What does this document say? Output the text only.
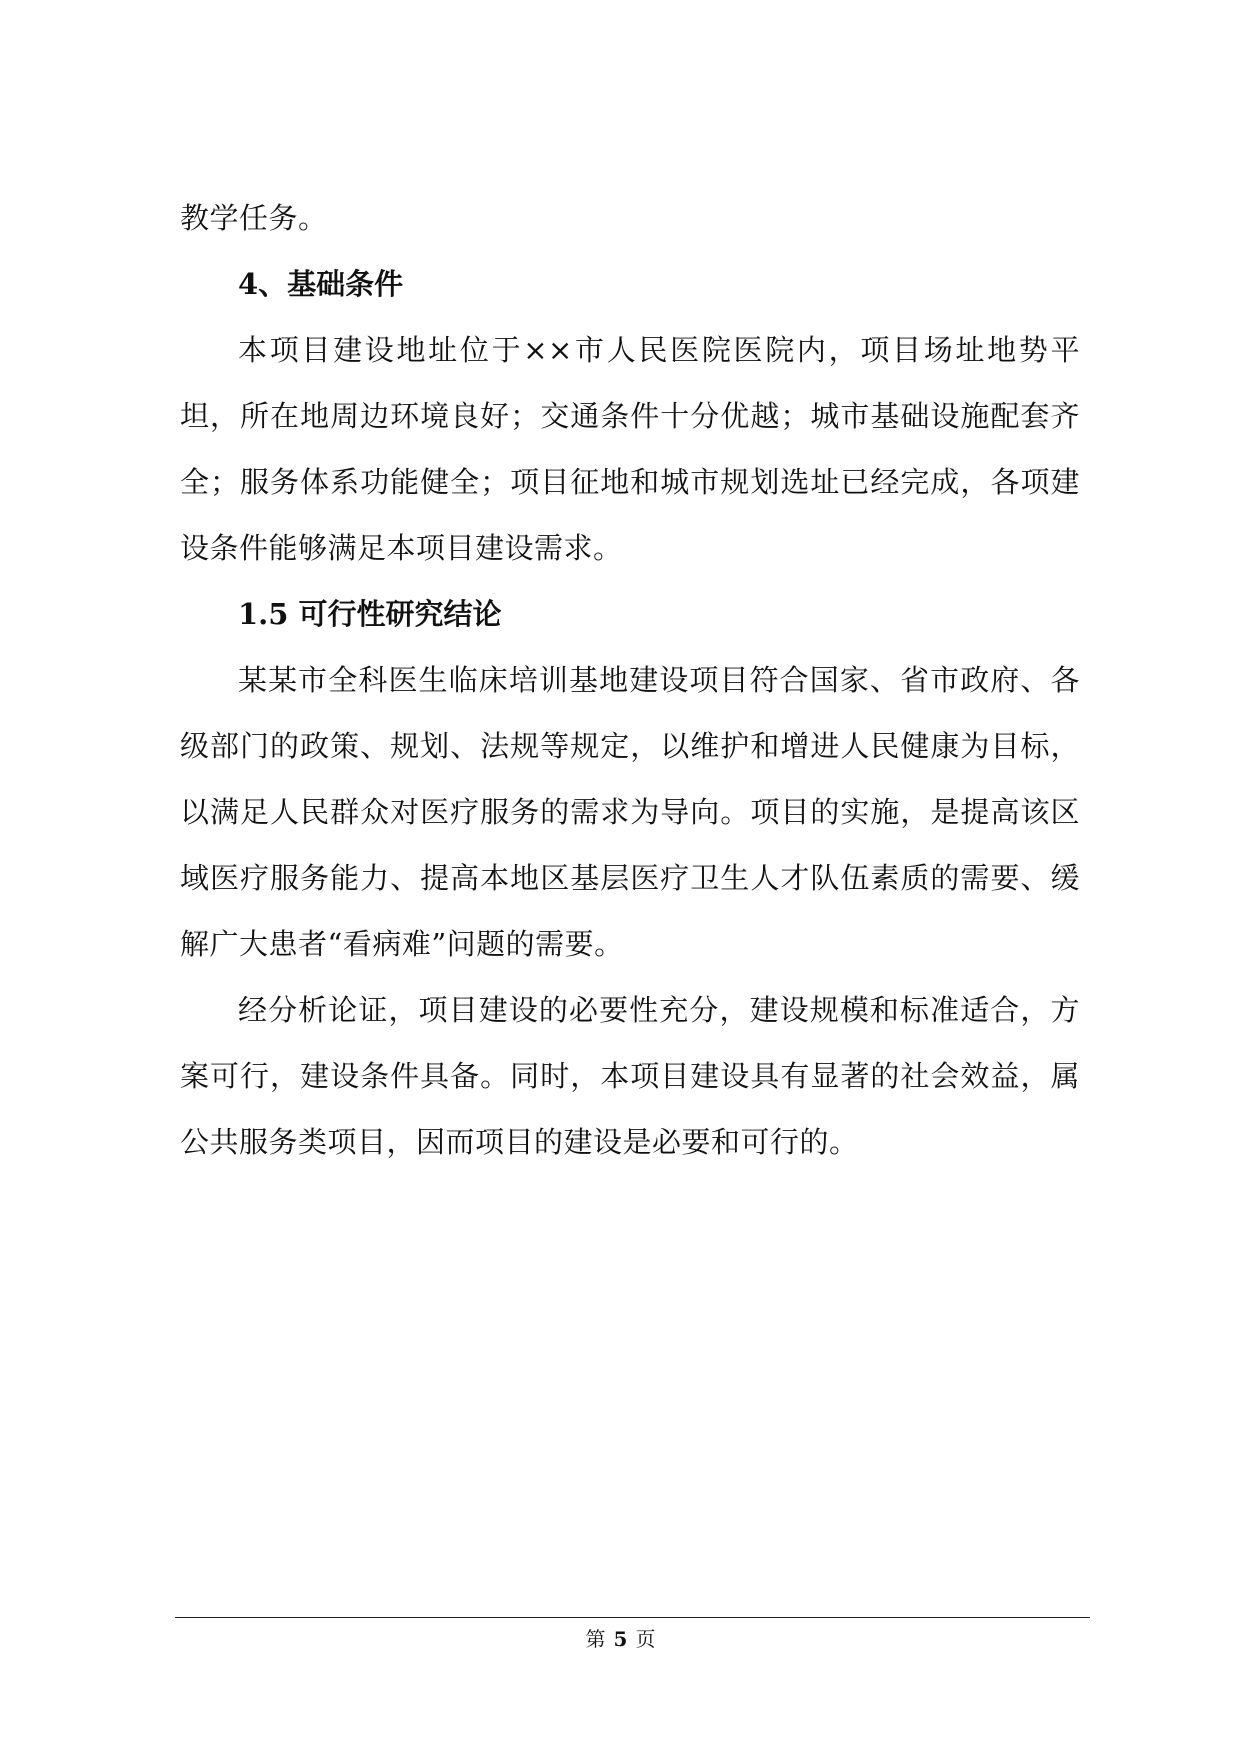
教学任务。

4、基础条件

本项目建设地址位于××市人民医院医院内，项目场址地势平坦，所在地周边环境良好；交通条件十分优越；城市基础设施配套齐全；服务体系功能健全；项目征地和城市规划选址已经完成，各项建设条件能够满足本项目建设需求。

1.5 可行性研究结论

某某市全科医生临床培训基地建设项目符合国家、省市政府、各级部门的政策、规划、法规等规定，以维护和增进人民健康为目标，以满足人民群众对医疗服务的需求为导向。项目的实施，是提高该区域医疗服务能力、提高本地区基层医疗卫生人才队伍素质的需要、缓解广大患者“看病难”问题的需要。

经分析论证，项目建设的必要性充分，建设规模和标准适合，方案可行，建设条件具备。同时，本项目建设具有显著的社会效益，属公共服务类项目，因而项目的建设是必要和可行的。

第 5 页
